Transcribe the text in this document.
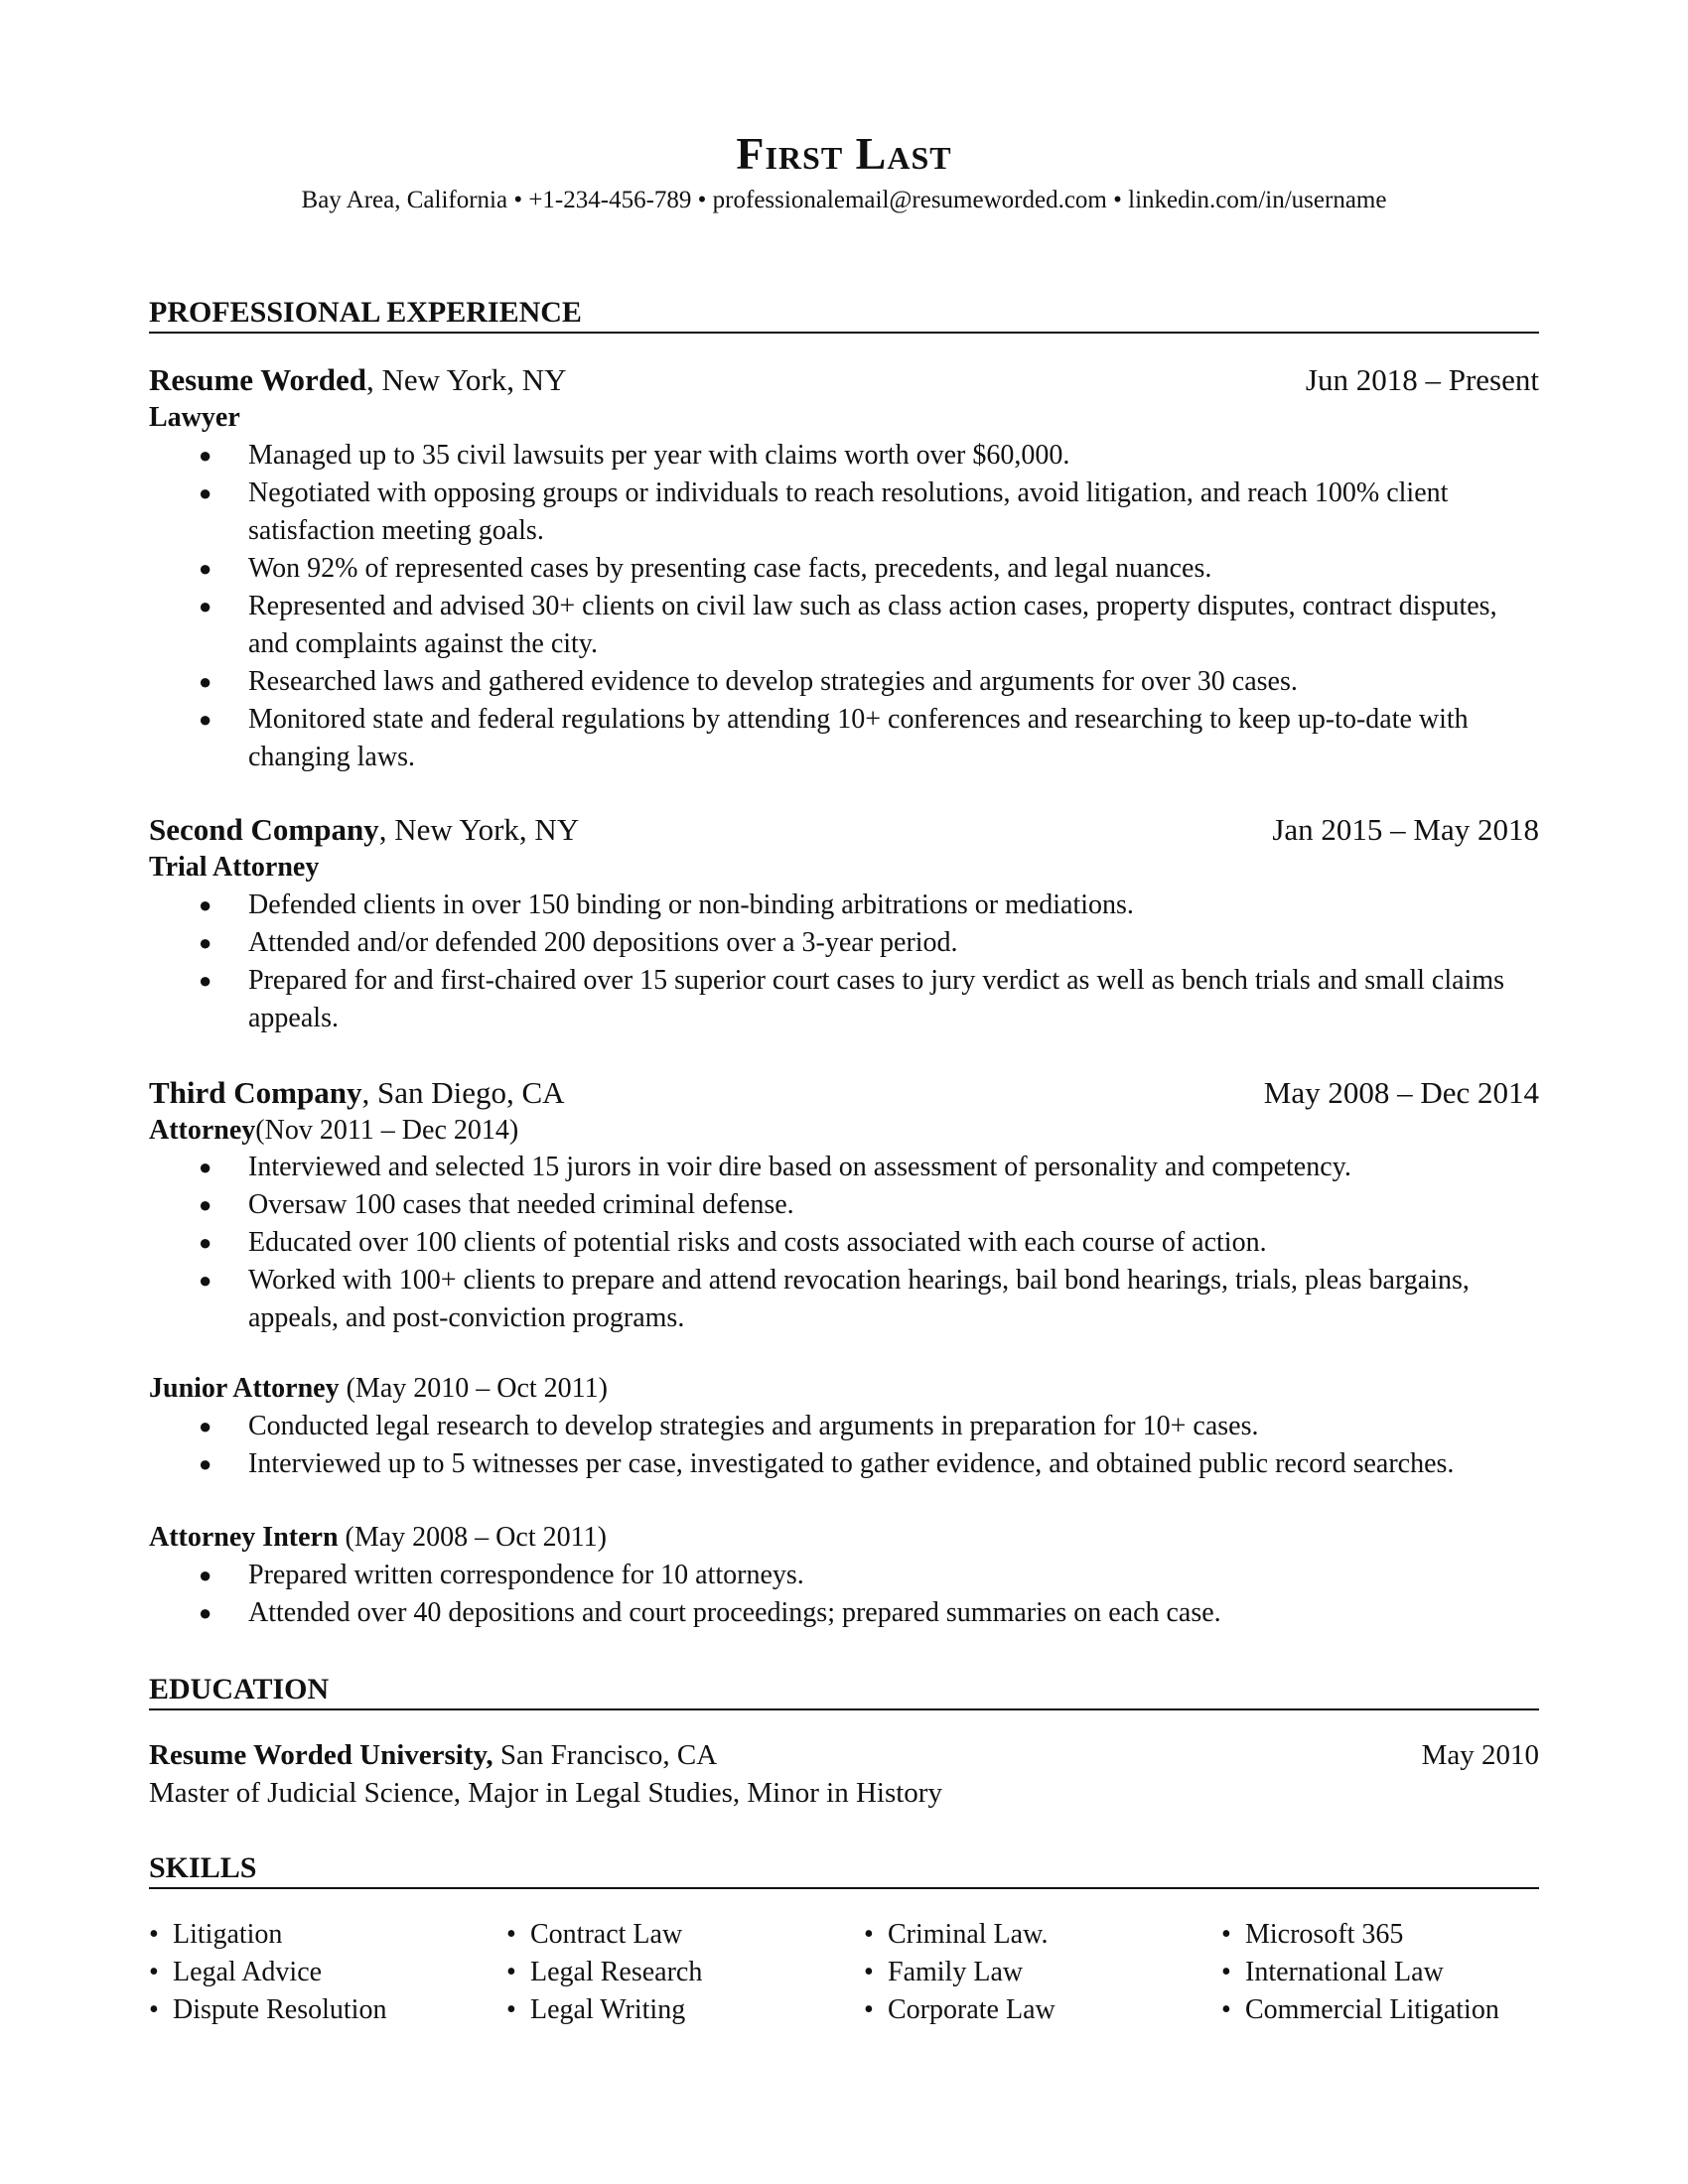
First Last
Bay Area, California • +1-234-456-789 • professionalemail@resumeworded.com • linkedin.com/in/username
PROFESSIONAL EXPERIENCE
Resume Worded, New York, NY	Jun 2018 – Present
Lawyer
● Managed up to 35 civil lawsuits per year with claims worth over $60,000.
● Negotiated with opposing groups or individuals to reach resolutions, avoid litigation, and reach 100% client satisfaction meeting goals.
● Won 92% of represented cases by presenting case facts, precedents, and legal nuances.
● Represented and advised 30+ clients on civil law such as class action cases, property disputes, contract disputes, and complaints against the city.
● Researched laws and gathered evidence to develop strategies and arguments for over 30 cases.
● Monitored state and federal regulations by attending 10+ conferences and researching to keep up-to-date with changing laws.
Second Company, New York, NY	Jan 2015 – May 2018
Trial Attorney
● Defended clients in over 150 binding or non-binding arbitrations or mediations.
● Attended and/or defended 200 depositions over a 3-year period.
● Prepared for and first-chaired over 15 superior court cases to jury verdict as well as bench trials and small claims appeals.
Third Company, San Diego, CA	May 2008 – Dec 2014
Attorney(Nov 2011 – Dec 2014)
● Interviewed and selected 15 jurors in voir dire based on assessment of personality and competency.
● Oversaw 100 cases that needed criminal defense.
● Educated over 100 clients of potential risks and costs associated with each course of action.
● Worked with 100+ clients to prepare and attend revocation hearings, bail bond hearings, trials, pleas bargains, appeals, and post-conviction programs.
Junior Attorney (May 2010 – Oct 2011)
● Conducted legal research to develop strategies and arguments in preparation for 10+ cases.
● Interviewed up to 5 witnesses per case, investigated to gather evidence, and obtained public record searches.
Attorney Intern (May 2008 – Oct 2011)
● Prepared written correspondence for 10 attorneys.
● Attended over 40 depositions and court proceedings; prepared summaries on each case.
EDUCATION
Resume Worded University, San Francisco, CA	May 2010
Master of Judicial Science, Major in Legal Studies, Minor in History
SKILLS
• Litigation
• Legal Advice
• Dispute Resolution
• Contract Law
• Legal Research
• Legal Writing
• Criminal Law.
• Family Law
• Corporate Law
• Microsoft 365
• International Law
• Commercial Litigation
